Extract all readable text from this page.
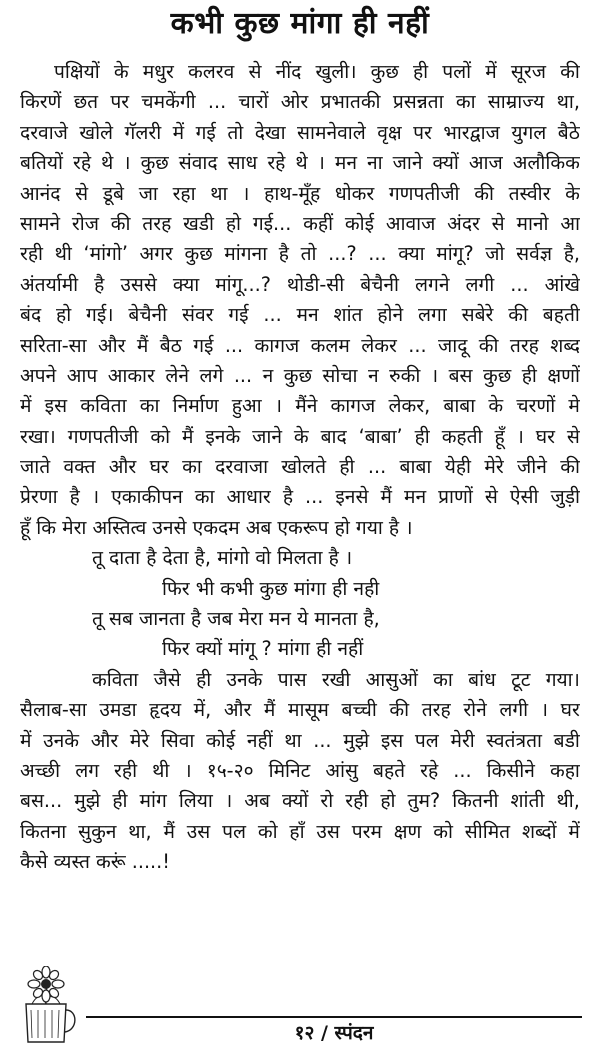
कभी कुछ मांगा ही नहीं
पक्षियों के मधुर कलरव से नींद खुली। कुछ ही पलों में सूरज की
किरणें छत पर चमकेंगी ... चारों ओर प्रभातकी प्रसन्नता का साम्राज्य था,
दरवाजे खोले गॅलरी में गई तो देखा सामनेवाले वृक्ष पर भारद्वाज युगल बैठे
बतियों रहे थे । कुछ संवाद साध रहे थे । मन ना जाने क्यों आज अलौकिक
आनंद से डूबे जा रहा था । हाथ-मूँह धोकर गणपतीजी की तस्वीर के
सामने रोज की तरह खडी हो गई... कहीं कोई आवाज अंदर से मानो आ
रही थी ‘मांगो’ अगर कुछ मांगना है तो ...? ... क्या मांगू? जो सर्वज्ञ है,
अंतर्यामी है उससे क्या मांगू...? थोडी-सी बेचैनी लगने लगी ... आंखे
बंद हो गई। बेचैनी संवर गई ... मन शांत होने लगा सबेरे की बहती
सरिता-सा और मैं बैठ गई ... कागज कलम लेकर ... जादू की तरह शब्द
अपने आप आकार लेने लगे ... न कुछ सोचा न रुकी । बस कुछ ही क्षणों
में इस कविता का निर्माण हुआ । मैंने कागज लेकर, बाबा के चरणों मे
रखा। गणपतीजी को मैं इनके जाने के बाद ‘बाबा’ ही कहती हूँ । घर से
जाते वक्त और घर का दरवाजा खोलते ही ... बाबा येही मेरे जीने की
प्रेरणा है । एकाकीपन का आधार है ... इनसे मैं मन प्राणों से ऐसी जुड़ी
हूँ कि मेरा अस्तित्व उनसे एकदम अब एकरूप हो गया है ।
तू दाता है देता है, मांगो वो मिलता है ।
फिर भी कभी कुछ मांगा ही नही
तू सब जानता है जब मेरा मन ये मानता है,
फिर क्यों मांगू ? मांगा ही नहीं
कविता जैसे ही उनके पास रखी आसुओं का बांध टूट गया।
सैलाब-सा उमडा हृदय में, और मैं मासूम बच्ची की तरह रोने लगी । घर
में उनके और मेरे सिवा कोई नहीं था ... मुझे इस पल मेरी स्वतंत्रता बडी
अच्छी लग रही थी । १५-२० मिनिट आंसु बहते रहे ... किसीने कहा
बस... मुझे ही मांग लिया । अब क्यों रो रही हो तुम? कितनी शांती थी,
कितना सुकुन था, मैं उस पल को हाँ उस परम क्षण को सीमित शब्दों में
कैसे व्यस्त करूं .....!
१२ / स्पंदन
